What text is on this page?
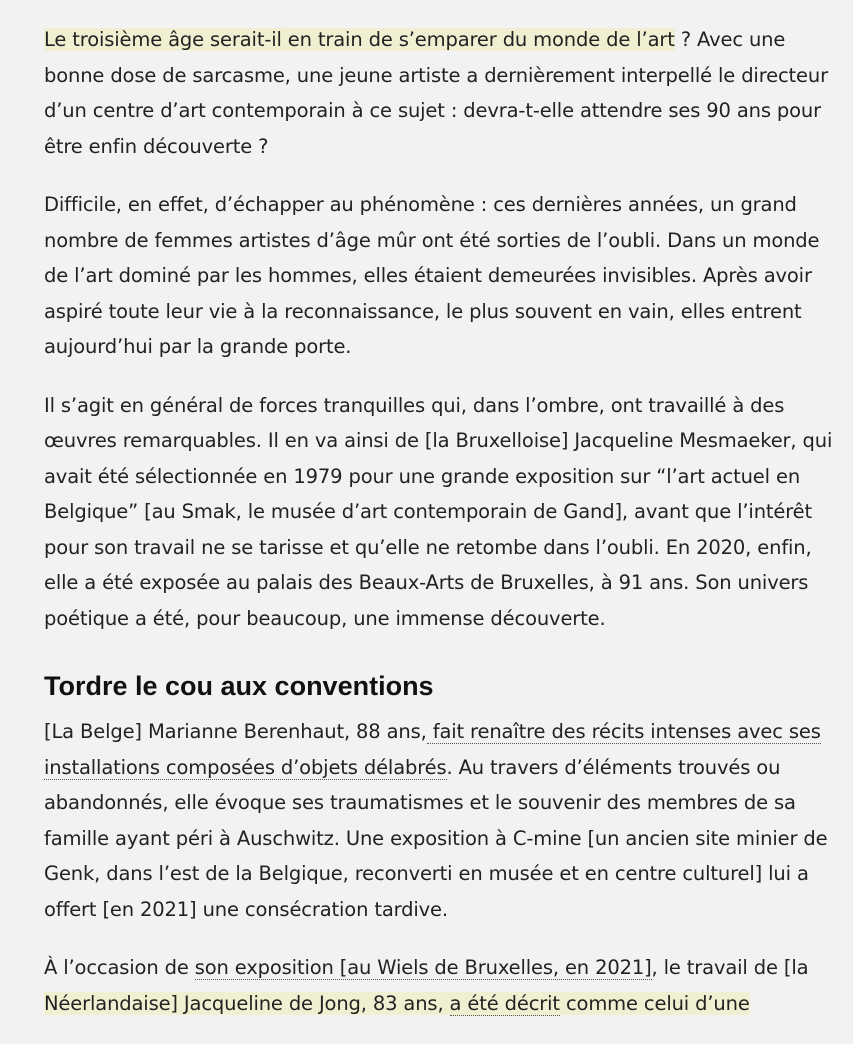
Le troisième âge serait-il en train de s’emparer du monde de l’art ? Avec une bonne dose de sarcasme, une jeune artiste a dernièrement interpellé le directeur d’un centre d’art contemporain à ce sujet : devra-t-elle attendre ses 90 ans pour être enfin découverte ?

Difficile, en effet, d’échapper au phénomène : ces dernières années, un grand nombre de femmes artistes d’âge mûr ont été sorties de l’oubli. Dans un monde de l’art dominé par les hommes, elles étaient demeurées invisibles. Après avoir aspiré toute leur vie à la reconnaissance, le plus souvent en vain, elles entrent aujourd’hui par la grande porte.

Il s’agit en général de forces tranquilles qui, dans l’ombre, ont travaillé à des œuvres remarquables. Il en va ainsi de [la Bruxelloise] Jacqueline Mesmaeker, qui avait été sélectionnée en 1979 pour une grande exposition sur “l’art actuel en Belgique” [au Smak, le musée d’art contemporain de Gand], avant que l’intérêt pour son travail ne se tarisse et qu’elle ne retombe dans l’oubli. En 2020, enfin, elle a été exposée au palais des Beaux-Arts de Bruxelles, à 91 ans. Son univers poétique a été, pour beaucoup, une immense découverte.

Tordre le cou aux conventions

[La Belge] Marianne Berenhaut, 88 ans, fait renaître des récits intenses avec ses installations composées d’objets délabrés. Au travers d’éléments trouvés ou abandonnés, elle évoque ses traumatismes et le souvenir des membres de sa famille ayant péri à Auschwitz. Une exposition à C-mine [un ancien site minier de Genk, dans l’est de la Belgique, reconverti en musée et en centre culturel] lui a offert [en 2021] une consécration tardive.

À l’occasion de son exposition [au Wiels de Bruxelles, en 2021], le travail de [la Néerlandaise] Jacqueline de Jong, 83 ans, a été décrit comme celui d’une
